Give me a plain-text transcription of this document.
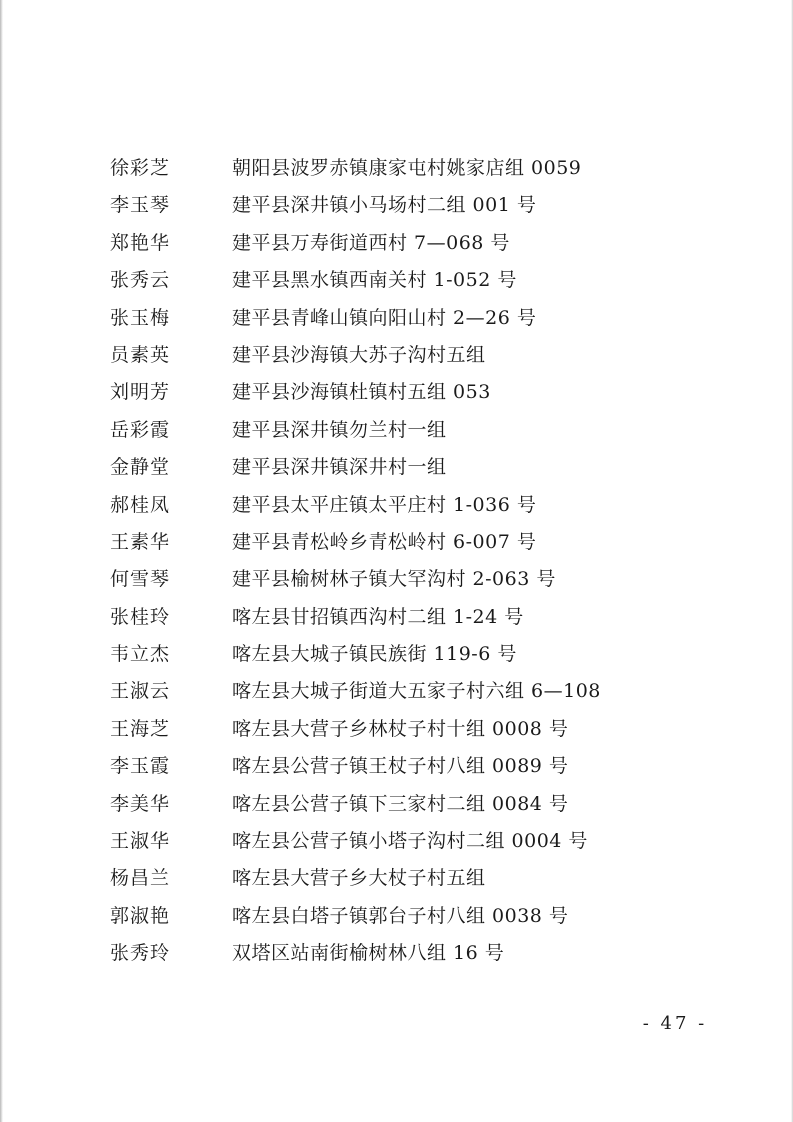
徐彩芝	朝阳县波罗赤镇康家屯村姚家店组 0059
李玉琴	建平县深井镇小马场村二组 001 号
郑艳华	建平县万寿街道西村 7—068 号
张秀云	建平县黑水镇西南关村 1-052 号
张玉梅	建平县青峰山镇向阳山村 2—26 号
员素英	建平县沙海镇大苏子沟村五组
刘明芳	建平县沙海镇杜镇村五组 053
岳彩霞	建平县深井镇勿兰村一组
金静堂	建平县深井镇深井村一组
郝桂凤	建平县太平庄镇太平庄村 1-036 号
王素华	建平县青松岭乡青松岭村 6-007 号
何雪琴	建平县榆树林子镇大罕沟村 2-063 号
张桂玲	喀左县甘招镇西沟村二组 1-24 号
韦立杰	喀左县大城子镇民族街 119-6 号
王淑云	喀左县大城子街道大五家子村六组 6—108
王海芝	喀左县大营子乡林杖子村十组 0008 号
李玉霞	喀左县公营子镇王杖子村八组 0089 号
李美华	喀左县公营子镇下三家村二组 0084 号
王淑华	喀左县公营子镇小塔子沟村二组 0004 号
杨昌兰	喀左县大营子乡大杖子村五组
郭淑艳	喀左县白塔子镇郭台子村八组 0038 号
张秀玲	双塔区站南街榆树林八组 16 号
- 47 -
